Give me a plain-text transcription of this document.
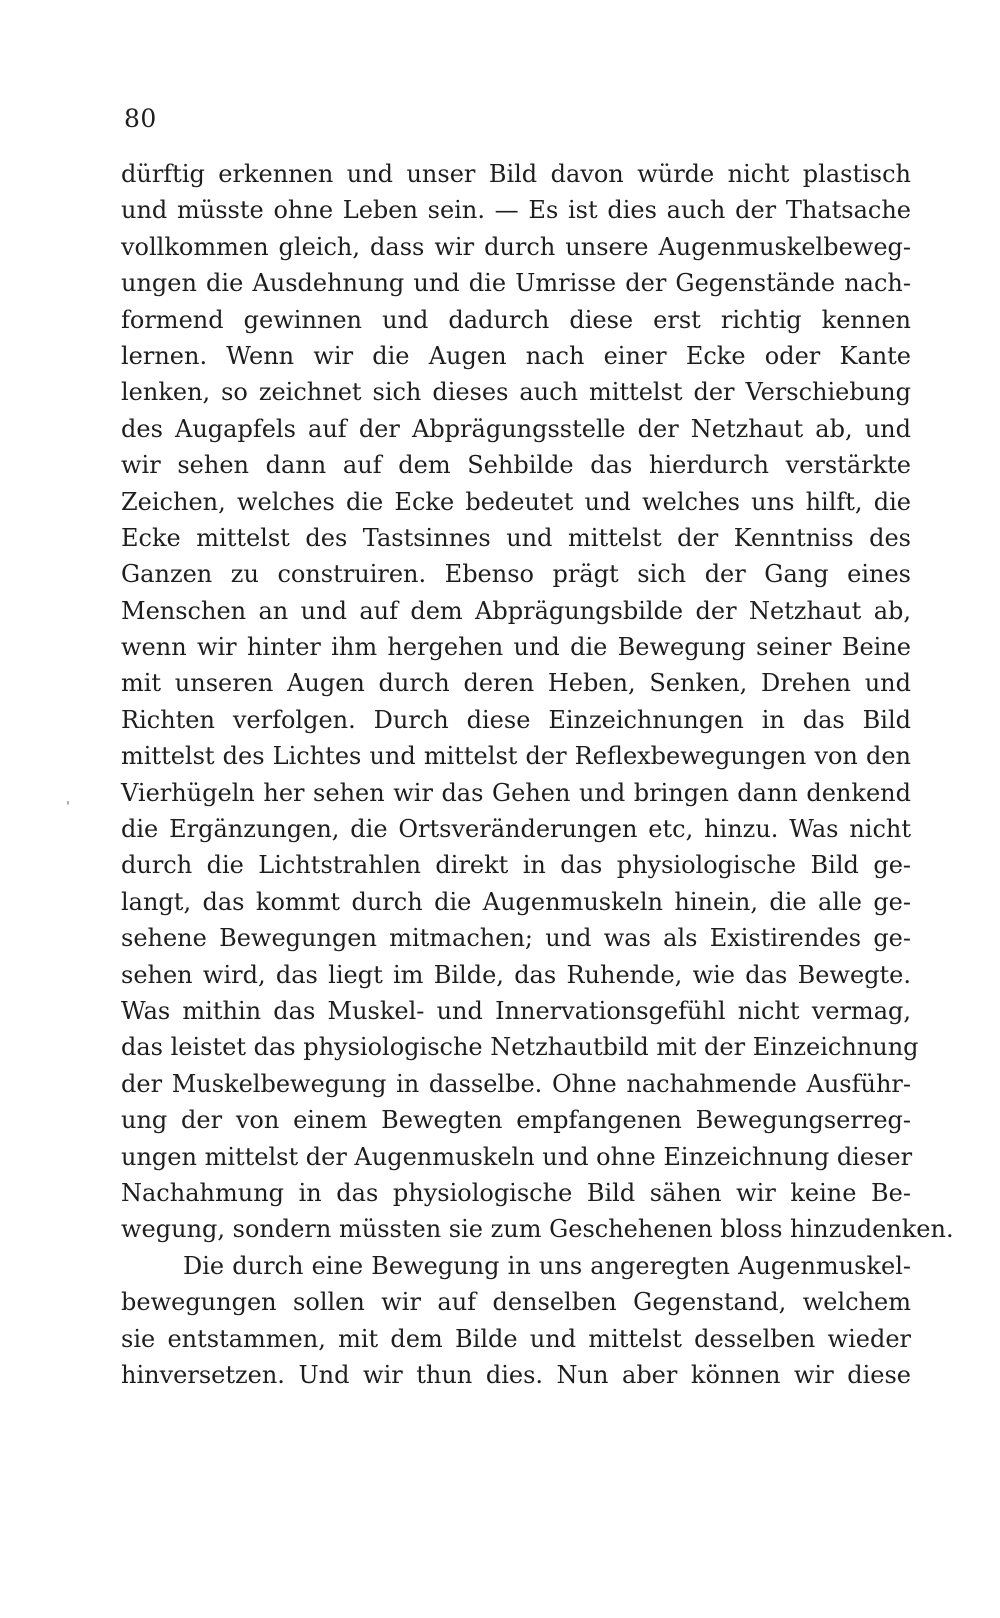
80
ˈ
dürftig erkennen und unser Bild davon würde nicht plastisch
und müsste ohne Leben sein. — Es ist dies auch der Thatsache
vollkommen gleich, dass wir durch unsere Augenmuskelbeweg-
ungen die Ausdehnung und die Umrisse der Gegenstände nach-
formend gewinnen und dadurch diese erst richtig kennen
lernen. Wenn wir die Augen nach einer Ecke oder Kante
lenken, so zeichnet sich dieses auch mittelst der Verschiebung
des Augapfels auf der Abprägungsstelle der Netzhaut ab, und
wir sehen dann auf dem Sehbilde das hierdurch verstärkte
Zeichen, welches die Ecke bedeutet und welches uns hilft, die
Ecke mittelst des Tastsinnes und mittelst der Kenntniss des
Ganzen zu construiren. Ebenso prägt sich der Gang eines
Menschen an und auf dem Abprägungsbilde der Netzhaut ab,
wenn wir hinter ihm hergehen und die Bewegung seiner Beine
mit unseren Augen durch deren Heben, Senken, Drehen und
Richten verfolgen. Durch diese Einzeichnungen in das Bild
mittelst des Lichtes und mittelst der Reflexbewegungen von den
Vierhügeln her sehen wir das Gehen und bringen dann denkend
die Ergänzungen, die Ortsveränderungen etc, hinzu. Was nicht
durch die Lichtstrahlen direkt in das physiologische Bild ge-
langt, das kommt durch die Augenmuskeln hinein, die alle ge-
sehene Bewegungen mitmachen; und was als Existirendes ge-
sehen wird, das liegt im Bilde, das Ruhende, wie das Bewegte.
Was mithin das Muskel- und Innervationsgefühl nicht vermag,
das leistet das physiologische Netzhautbild mit der Einzeichnung
der Muskelbewegung in dasselbe. Ohne nachahmende Ausführ-
ung der von einem Bewegten empfangenen Bewegungserreg-
ungen mittelst der Augenmuskeln und ohne Einzeichnung dieser
Nachahmung in das physiologische Bild sähen wir keine Be-
wegung, sondern müssten sie zum Geschehenen bloss hinzudenken.
Die durch eine Bewegung in uns angeregten Augenmuskel-
bewegungen sollen wir auf denselben Gegenstand, welchem
sie entstammen, mit dem Bilde und mittelst desselben wieder
hinversetzen. Und wir thun dies. Nun aber können wir diese
